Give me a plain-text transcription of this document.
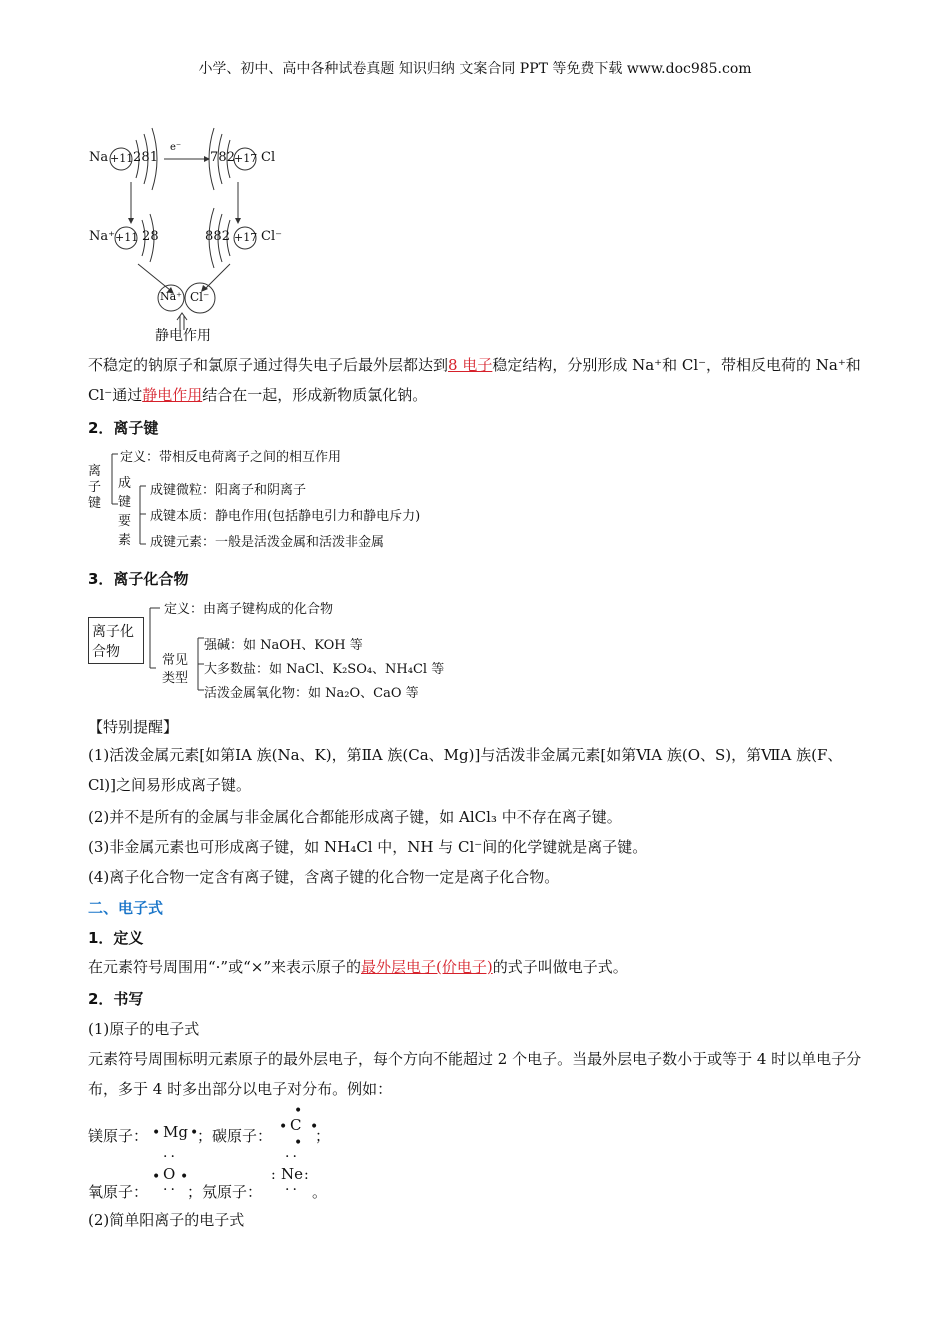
小学、初中、高中各种试卷真题 知识归纳 文案合同 PPT 等免费下载 www.doc985.com
Na +11 2 8 1
e⁻
7 8 2 +17 Cl
Na⁺ +11 2 8	8 8 2 +17 Cl⁻
Na⁺ Cl⁻
静电作用
不稳定的钠原子和氯原子通过得失电子后最外层都达到8 电子稳定结构，分别形成 Na⁺和 Cl⁻，带相反电荷的 Na⁺和 Cl⁻通过静电作用结合在一起，形成新物质氯化钠。
2．离子键
离
子
键
定义：带相反电荷离子之间的相互作用
成
键
要
素
成键微粒：阳离子和阴离子
成键本质：静电作用(包括静电引力和静电斥力)
成键元素：一般是活泼金属和活泼非金属
3．离子化合物
离子化
合物
定义：由离子键构成的化合物
常见
类型
强碱：如 NaOH、KOH 等
大多数盐：如 NaCl、K₂SO₄、NH₄Cl 等
活泼金属氧化物：如 Na₂O、CaO 等
【特别提醒】
(1)活泼金属元素[如第ⅠA 族(Na、K)，第ⅡA 族(Ca、Mg)]与活泼非金属元素[如第ⅥA 族(O、S)，第ⅦA 族(F、Cl)]之间易形成离子键。
(2)并不是所有的金属与非金属化合都能形成离子键，如 AlCl₃ 中不存在离子键。
(3)非金属元素也可形成离子键，如 NH₄Cl 中，NH 与 Cl⁻间的化学键就是离子键。
(4)离子化合物一定含有离子键，含离子键的化合物一定是离子化合物。
二、电子式
1．定义
在元素符号周围用“·”或“×”来表示原子的最外层电子(价电子)的式子叫做电子式。
2．书写
(1)原子的电子式
元素符号周围标明元素原子的最外层电子，每个方向不能超过 2 个电子。当最外层电子数小于或等于 4 时以单电子分布，多于 4 时多出部分以电子对分布。例如：
镁原子： • Mg •
；碳原子：
•
• C •
• ；
氧原子：
··
• O •
·· ；氖原子：
··
: Ne :
·· 。
(2)简单阳离子的电子式
